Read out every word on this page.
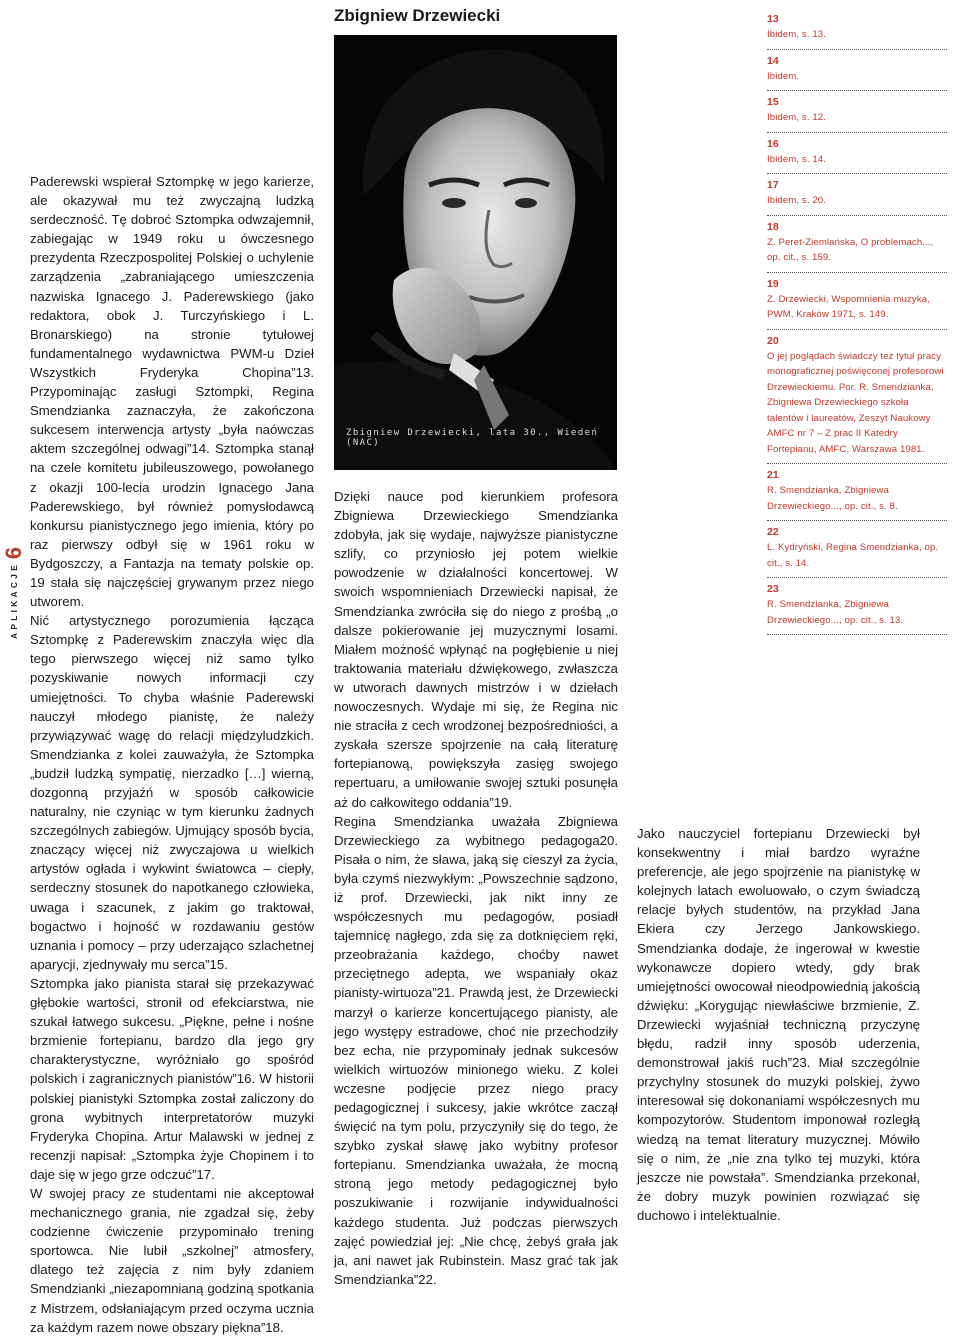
Zbigniew Drzewiecki
6
APLIKACJE

Paderewski wspierał Sztompkę w jego karierze, ale okazywał mu też zwyczajną ludzką serdeczność. Tę dobroć Sztompka odwzajemnił, zabiegając w 1949 roku u ówczesnego prezydenta Rzeczpospolitej Polskiej o uchylenie zarządzenia „zabraniającego umieszczenia nazwiska Ignacego J. Paderewskiego (jako redaktora, obok J. Turczyńskiego i L. Bronarskiego) na stronie tytułowej fundamentalnego wydawnictwa PWM-u Dzieł Wszystkich Fryderyka Chopina”13. Przypominając zasługi Sztompki, Regina Smendzianka zaznaczyła, że zakończona sukcesem interwencja artysty „była naówczas aktem szczególnej odwagi”14. Sztompka stanął na czele komitetu jubileuszowego, powołanego z okazji 100-lecia urodzin Ignacego Jana Paderewskiego, był również pomysłodawcą konkursu pianistycznego jego imienia, który po raz pierwszy odbył się w 1961 roku w Bydgoszczy, a Fantazja na tematy polskie op. 19 stała się najczęściej grywanym przez niego utworem.

Nić artystycznego porozumienia łącząca Sztompkę z Paderewskim znaczyła więc dla tego pierwszego więcej niż samo tylko pozyskiwanie nowych informacji czy umiejętności. To chyba właśnie Paderewski nauczył młodego pianistę, że należy przywiązywać wagę do relacji międzyludzkich. Smendzianka z kolei zauważyła, że Sztompka „budził ludzką sympatię, nierzadko […] wierną, dozgonną przyjaźń w sposób całkowicie naturalny, nie czyniąc w tym kierunku żadnych szczególnych zabiegów. Ujmujący sposób bycia, znaczący więcej niż zwyczajowa u wielkich artystów ogłada i wykwint światowca – ciepły, serdeczny stosunek do napotkanego człowieka, uwaga i szacunek, z jakim go traktował, bogactwo i hojność w rozdawaniu gestów uznania i pomocy – przy uderzająco szlachetnej aparycji, zjednywały mu serca”15.

Sztompka jako pianista starał się przekazywać głębokie wartości, stronił od efekciarstwa, nie szukał łatwego sukcesu. „Piękne, pełne i nośne brzmienie fortepianu, bardzo dla jego gry charakterystyczne, wyróżniało go spośród polskich i zagranicznych pianistów”16. W historii polskiej pianistyki Sztompka został zaliczony do grona wybitnych interpretatorów muzyki Fryderyka Chopina. Artur Malawski w jednej z recenzji napisał: „Sztompka żyje Chopinem i to daje się w jego grze odczuć”17.

W swojej pracy ze studentami nie akceptował mechanicznego grania, nie zgadzał się, żeby codzienne ćwiczenie przypominało trening sportowca. Nie lubił „szkolnej” atmosfery, dlatego też zajęcia z nim były zdaniem Smendzianki „niezapomnianą godziną spotkania z Mistrzem, odsłaniającym przed oczyma ucznia za każdym razem nowe obszary piękna”18.

Zbigniew Drzewiecki, lata 30., Wiedeń (NAC)

Dzięki nauce pod kierunkiem profesora Zbigniewa Drzewieckiego Smendzianka zdobyła, jak się wydaje, najwyższe pianistyczne szlify, co przyniosło jej potem wielkie powodzenie w działalności koncertowej. W swoich wspomnieniach Drzewiecki napisał, że Smendzianka zwróciła się do niego z prośbą „o dalsze pokierowanie jej muzycznymi losami. Miałem możność wpłynąć na pogłębienie u niej traktowania materiału dźwiękowego, zwłaszcza w utworach dawnych mistrzów i w dziełach nowoczesnych. Wydaje mi się, że Regina nic nie straciła z cech wrodzonej bezpośredniości, a zyskała szersze spojrzenie na całą literaturę fortepianową, powiększyła zasięg swojego repertuaru, a umiłowanie swojej sztuki posunęła aż do całkowitego oddania”19.

Regina Smendzianka uważała Zbigniewa Drzewieckiego za wybitnego pedagoga20. Pisała o nim, że sława, jaką się cieszył za życia, była czymś niezwykłym: „Powszechnie sądzono, iż prof. Drzewiecki, jak nikt inny ze współczesnych mu pedagogów, posiadł tajemnicę nagłego, zda się za dotknięciem ręki, przeobrażania każdego, choćby nawet przeciętnego adepta, we wspaniały okaz pianisty-wirtuoza”21. Prawdą jest, że Drzewiecki marzył o karierze koncertującego pianisty, ale jego występy estradowe, choć nie przechodziły bez echa, nie przypominały jednak sukcesów wielkich wirtuozów minionego wieku. Z kolei wczesne podjęcie przez niego pracy pedagogicznej i sukcesy, jakie wkrótce zaczął święcić na tym polu, przyczyniły się do tego, że szybko zyskał sławę jako wybitny profesor fortepianu. Smendzianka uważała, że mocną stroną jego metody pedagogicznej było poszukiwanie i rozwijanie indywidualności każdego studenta. Już podczas pierwszych zajęć powiedział jej: „Nie chcę, żebyś grała jak ja, ani nawet jak Rubinstein. Masz grać tak jak Smendzianka”22.

Jako nauczyciel fortepianu Drzewiecki był konsekwentny i miał bardzo wyraźne preferencje, ale jego spojrzenie na pianistykę w kolejnych latach ewoluowało, o czym świadczą relacje byłych studentów, na przykład Jana Ekiera czy Jerzego Jankowskiego. Smendzianka dodaje, że ingerował w kwestie wykonawcze dopiero wtedy, gdy brak umiejętności owocował nieodpowiednią jakością dźwięku: „Korygując niewłaściwe brzmienie, Z. Drzewiecki wyjaśniał techniczną przyczynę błędu, radził inny sposób uderzenia, demonstrował jakiś ruch”23. Miał szczególnie przychylny stosunek do muzyki polskiej, żywo interesował się dokonaniami współczesnych mu kompozytorów. Studentom imponował rozległą wiedzą na temat literatury muzycznej. Mówiło się o nim, że „nie zna tylko tej muzyki, która jeszcze nie powstała”. Smendzianka przekonał, że dobry muzyk powinien rozwiązać się duchowo i intelektualnie.

13
Ibidem, s. 13.
14
Ibidem.
15
Ibidem, s. 12.
16
Ibidem, s. 14.
17
Ibidem, s. 20.
18
Z. Peret-Ziemlańska, O problemach..., op. cit., s. 159.
19
Z. Drzewiecki, Wspomnienia muzyka, PWM, Kraków 1971, s. 149.
20
O jej poglądach świadczy też tytuł pracy monograficznej poświęconej profesorowi Drzewieckiemu. Por. R. Smendzianka, Zbigniewa Drzewieckiego szkoła talentów i laureatów, Zeszyt Naukowy AMFC nr 7 – Z prac II Katedry Fortepianu, AMFC, Warszawa 1981.
21
R. Smendzianka, Zbigniewa Drzewieckiego..., op. cit., s. 8.
22
L. Kydryński, Regina Smendzianka, op. cit., s. 14.
23
R. Smendzianka, Zbigniewa Drzewieckiego..., op. cit., s. 13.
